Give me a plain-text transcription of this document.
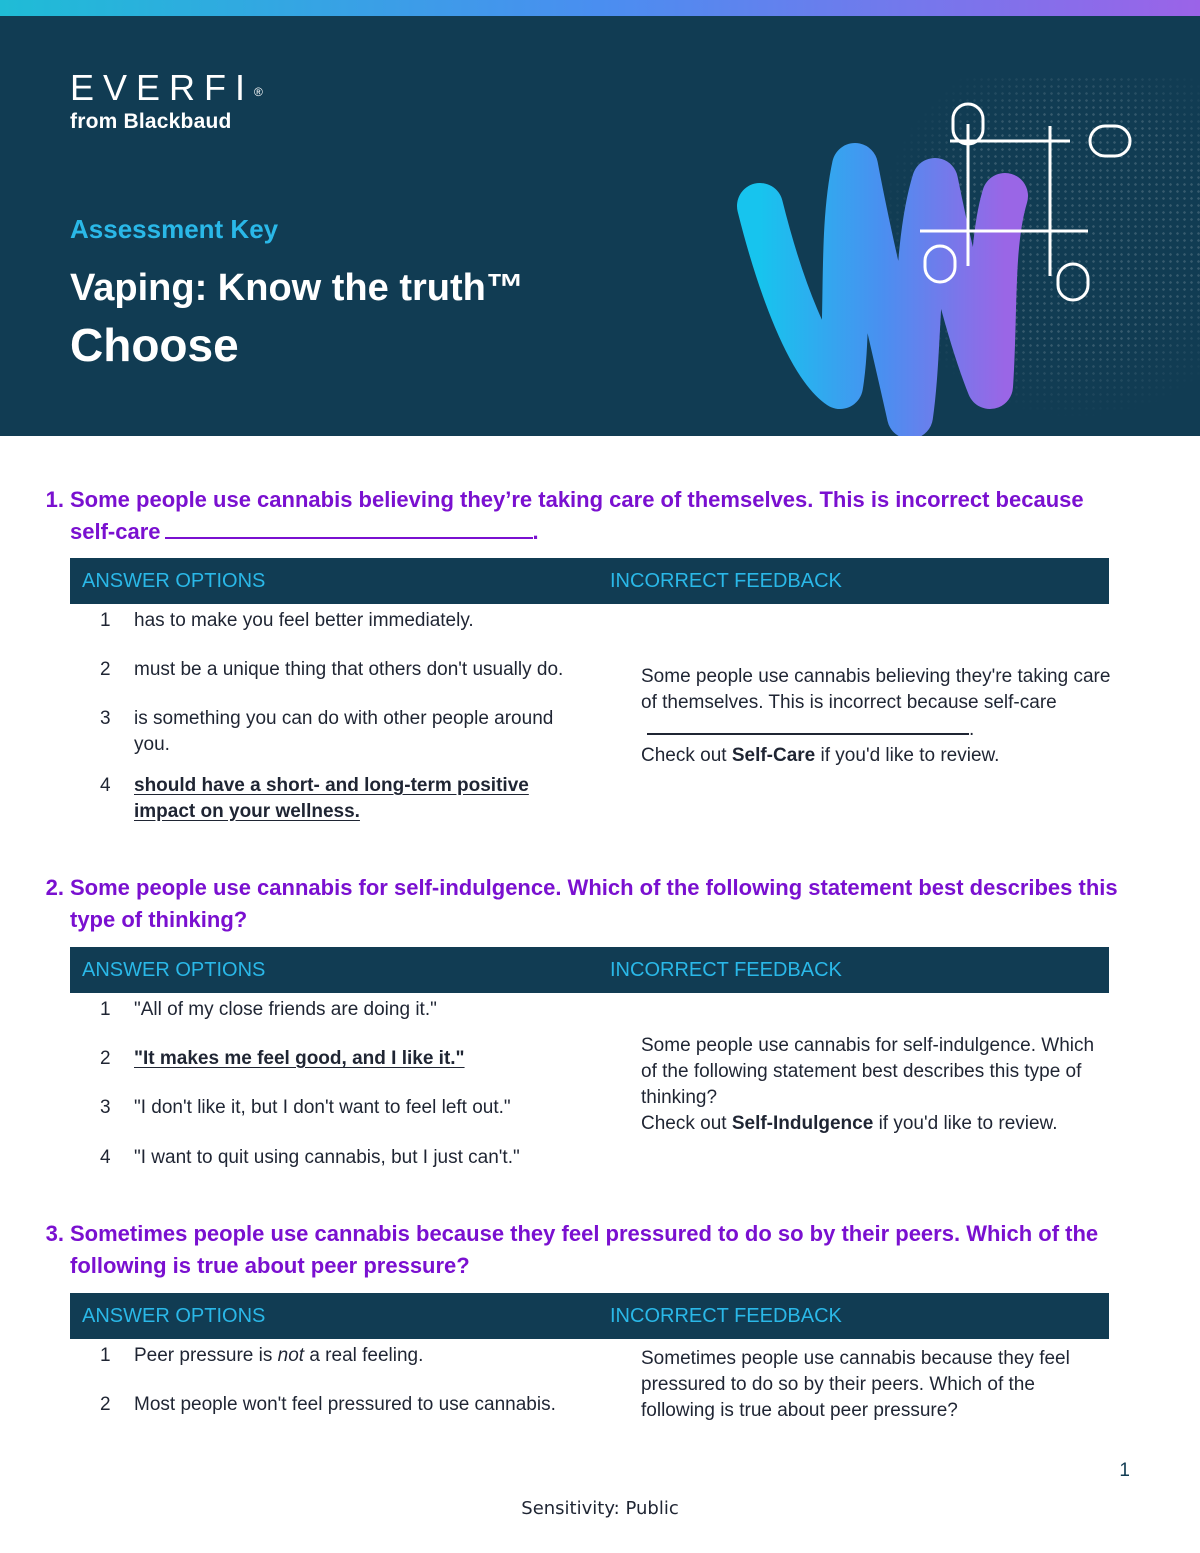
EVERFI®
from Blackbaud
Assessment Key
Vaping: Know the truth™
Choose
1. Some people use cannabis believing they’re taking care of themselves. This is incorrect because self-care	.
ANSWER OPTIONS	INCORRECT FEEDBACK
1 has to make you feel better immediately.
2 must be a unique thing that others don't usually do.
3 is something you can do with other people around you.
4 should have a short- and long-term positive impact on your wellness.
Some people use cannabis believing they're taking care of themselves. This is incorrect because self-care.
Check out Self-Care if you'd like to review.
2. Some people use cannabis for self-indulgence. Which of the following statement best describes this type of thinking?
ANSWER OPTIONS	INCORRECT FEEDBACK
1 "All of my close friends are doing it."
2 "It makes me feel good, and I like it."
3 "I don't like it, but I don't want to feel left out."
4 "I want to quit using cannabis, but I just can't."
Some people use cannabis for self-indulgence. Which of the following statement best describes this type of thinking?
Check out Self-Indulgence if you'd like to review.
3. Sometimes people use cannabis because they feel pressured to do so by their peers. Which of the following is true about peer pressure?
ANSWER OPTIONS	INCORRECT FEEDBACK
1 Peer pressure is not a real feeling.
2 Most people won't feel pressured to use cannabis.
Sometimes people use cannabis because they feel pressured to do so by their peers. Which of the following is true about peer pressure?
1
Sensitivity: Public
